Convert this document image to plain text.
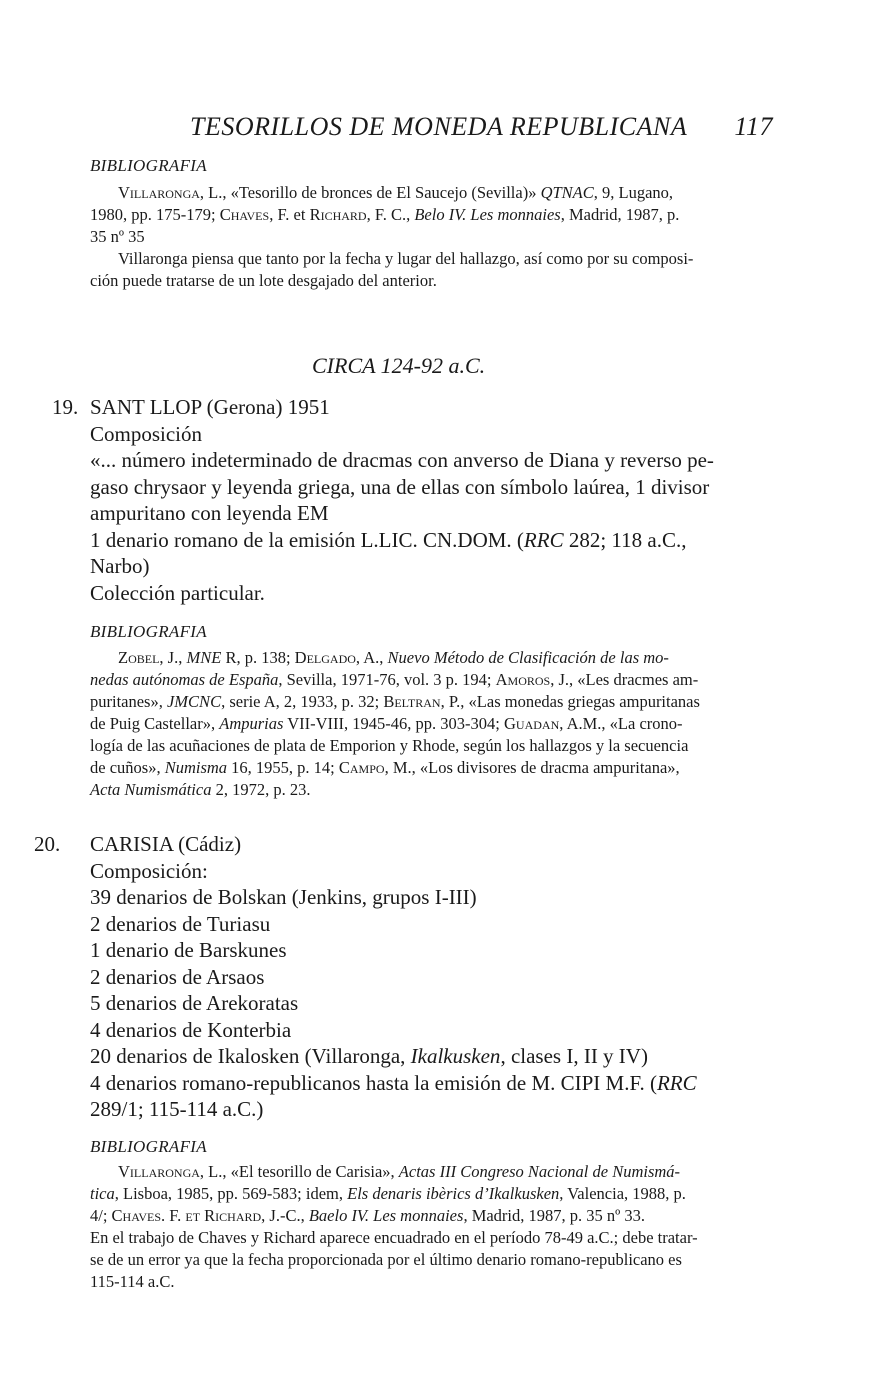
TESORILLOS DE MONEDA REPUBLICANA 117
BIBLIOGRAFIA

Villaronga, L., «Tesorillo de bronces de El Saucejo (Sevilla)» QTNAC, 9, Lugano,

1980, pp. 175-179; Chaves, F. et Richard, F. C., Belo IV. Les monnaies, Madrid, 1987, p.

35 nº 35

Villaronga piensa que tanto por la fecha y lugar del hallazgo, así como por su composi-

ción puede tratarse de un lote desgajado del anterior.

CIRCA 124-92 a.C.
19. SANT LLOP (Gerona) 1951

Composición

«... número indeterminado de dracmas con anverso de Diana y reverso pe-

gaso chrysaor y leyenda griega, una de ellas con símbolo laúrea, 1 divisor

ampuritano con leyenda EM

1 denario romano de la emisión L.LIC. CN.DOM. (RRC 282; 118 a.C.,

Narbo)

Colección particular.

BIBLIOGRAFIA

Zobel, J., MNE R, p. 138; Delgado, A., Nuevo Método de Clasificación de las mo-

nedas autónomas de España, Sevilla, 1971-76, vol. 3 p. 194; Amoros, J., «Les dracmes am-

puritanes», JMCNC, serie A, 2, 1933, p. 32; Beltran, P., «Las monedas griegas ampuritanas

de Puig Castellar», Ampurias VII-VIII, 1945-46, pp. 303-304; Guadan, A.M., «La crono-

logía de las acuñaciones de plata de Emporion y Rhode, según los hallazgos y la secuencia

de cuños», Numisma 16, 1955, p. 14; Campo, M., «Los divisores de dracma ampuritana»,

Acta Numismática 2, 1972, p. 23.

20. CARISIA (Cádiz)

Composición:

39 denarios de Bolskan (Jenkins, grupos I-III)

2 denarios de Turiasu

1 denario de Barskunes

2 denarios de Arsaos

5 denarios de Arekoratas

4 denarios de Konterbia

20 denarios de Ikalosken (Villaronga, Ikalkusken, clases I, II y IV)

4 denarios romano-republicanos hasta la emisión de M. CIPI M.F. (RRC

289/1; 115-114 a.C.)

BIBLIOGRAFIA

Villaronga, L., «El tesorillo de Carisia», Actas III Congreso Nacional de Numismá-

tica, Lisboa, 1985, pp. 569-583; idem, Els denaris ibèrics d’Ikalkusken, Valencia, 1988, p.

4/; Chaves. F. et Richard, J.-C., Baelo IV. Les monnaies, Madrid, 1987, p. 35 nº 33.

En el trabajo de Chaves y Richard aparece encuadrado en el período 78-49 a.C.; debe tratar-

se de un error ya que la fecha proporcionada por el último denario romano-republicano es

115-114 a.C.
